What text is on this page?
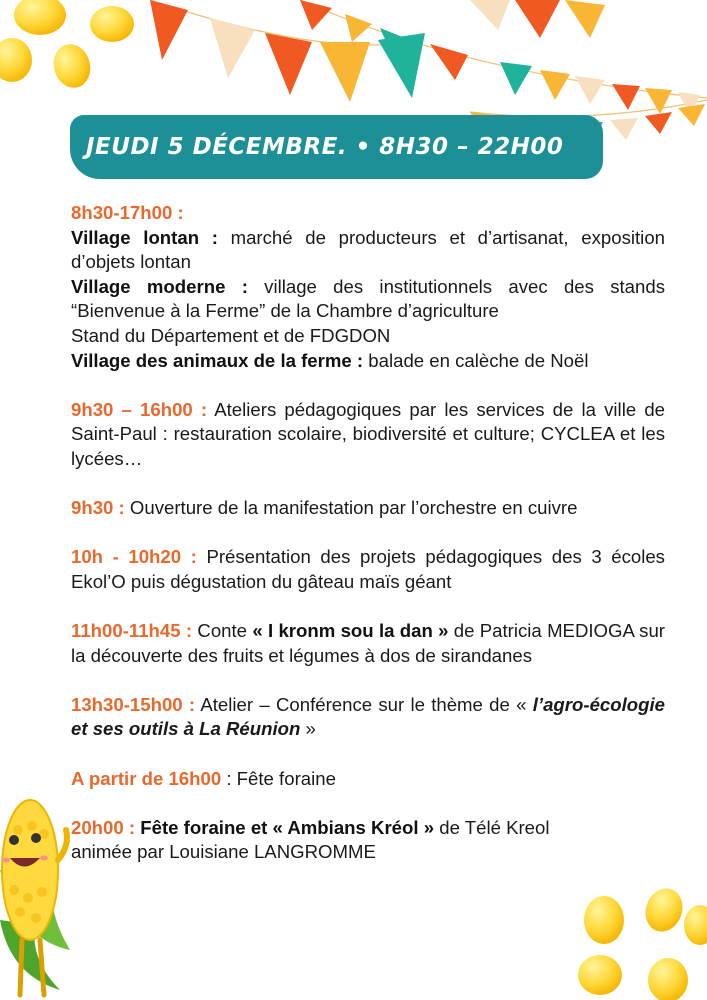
JEUDI 5 DÉCEMBRE. • 8H30 – 22H00

8h30-17h00 :

Village lontan : marché de producteurs et d’artisanat, exposition d’objets lontan

Village moderne : village des institutionnels avec des stands “Bienvenue à la Ferme” de la Chambre d’agriculture

Stand du Département et de FDGDON

Village des animaux de la ferme : balade en calèche de Noël

9h30 – 16h00 : Ateliers pédagogiques par les services de la ville de Saint-Paul : restauration scolaire, biodiversité et culture; CYCLEA et les lycées…

9h30 : Ouverture de la manifestation par l’orchestre en cuivre

10h - 10h20 : Présentation des projets pédagogiques des 3 écoles Ekol’O puis dégustation du gâteau maïs géant

11h00-11h45 : Conte « I kronm sou la dan » de Patricia MEDIOGA sur la découverte des fruits et légumes à dos de sirandanes

13h30-15h00 : Atelier – Conférence sur le thème de « l’agro-écologie et ses outils à La Réunion »

A partir de 16h00 : Fête foraine

20h00 : Fête foraine et « Ambians Kréol » de Télé Kreol

animée par Louisiane LANGROMME
